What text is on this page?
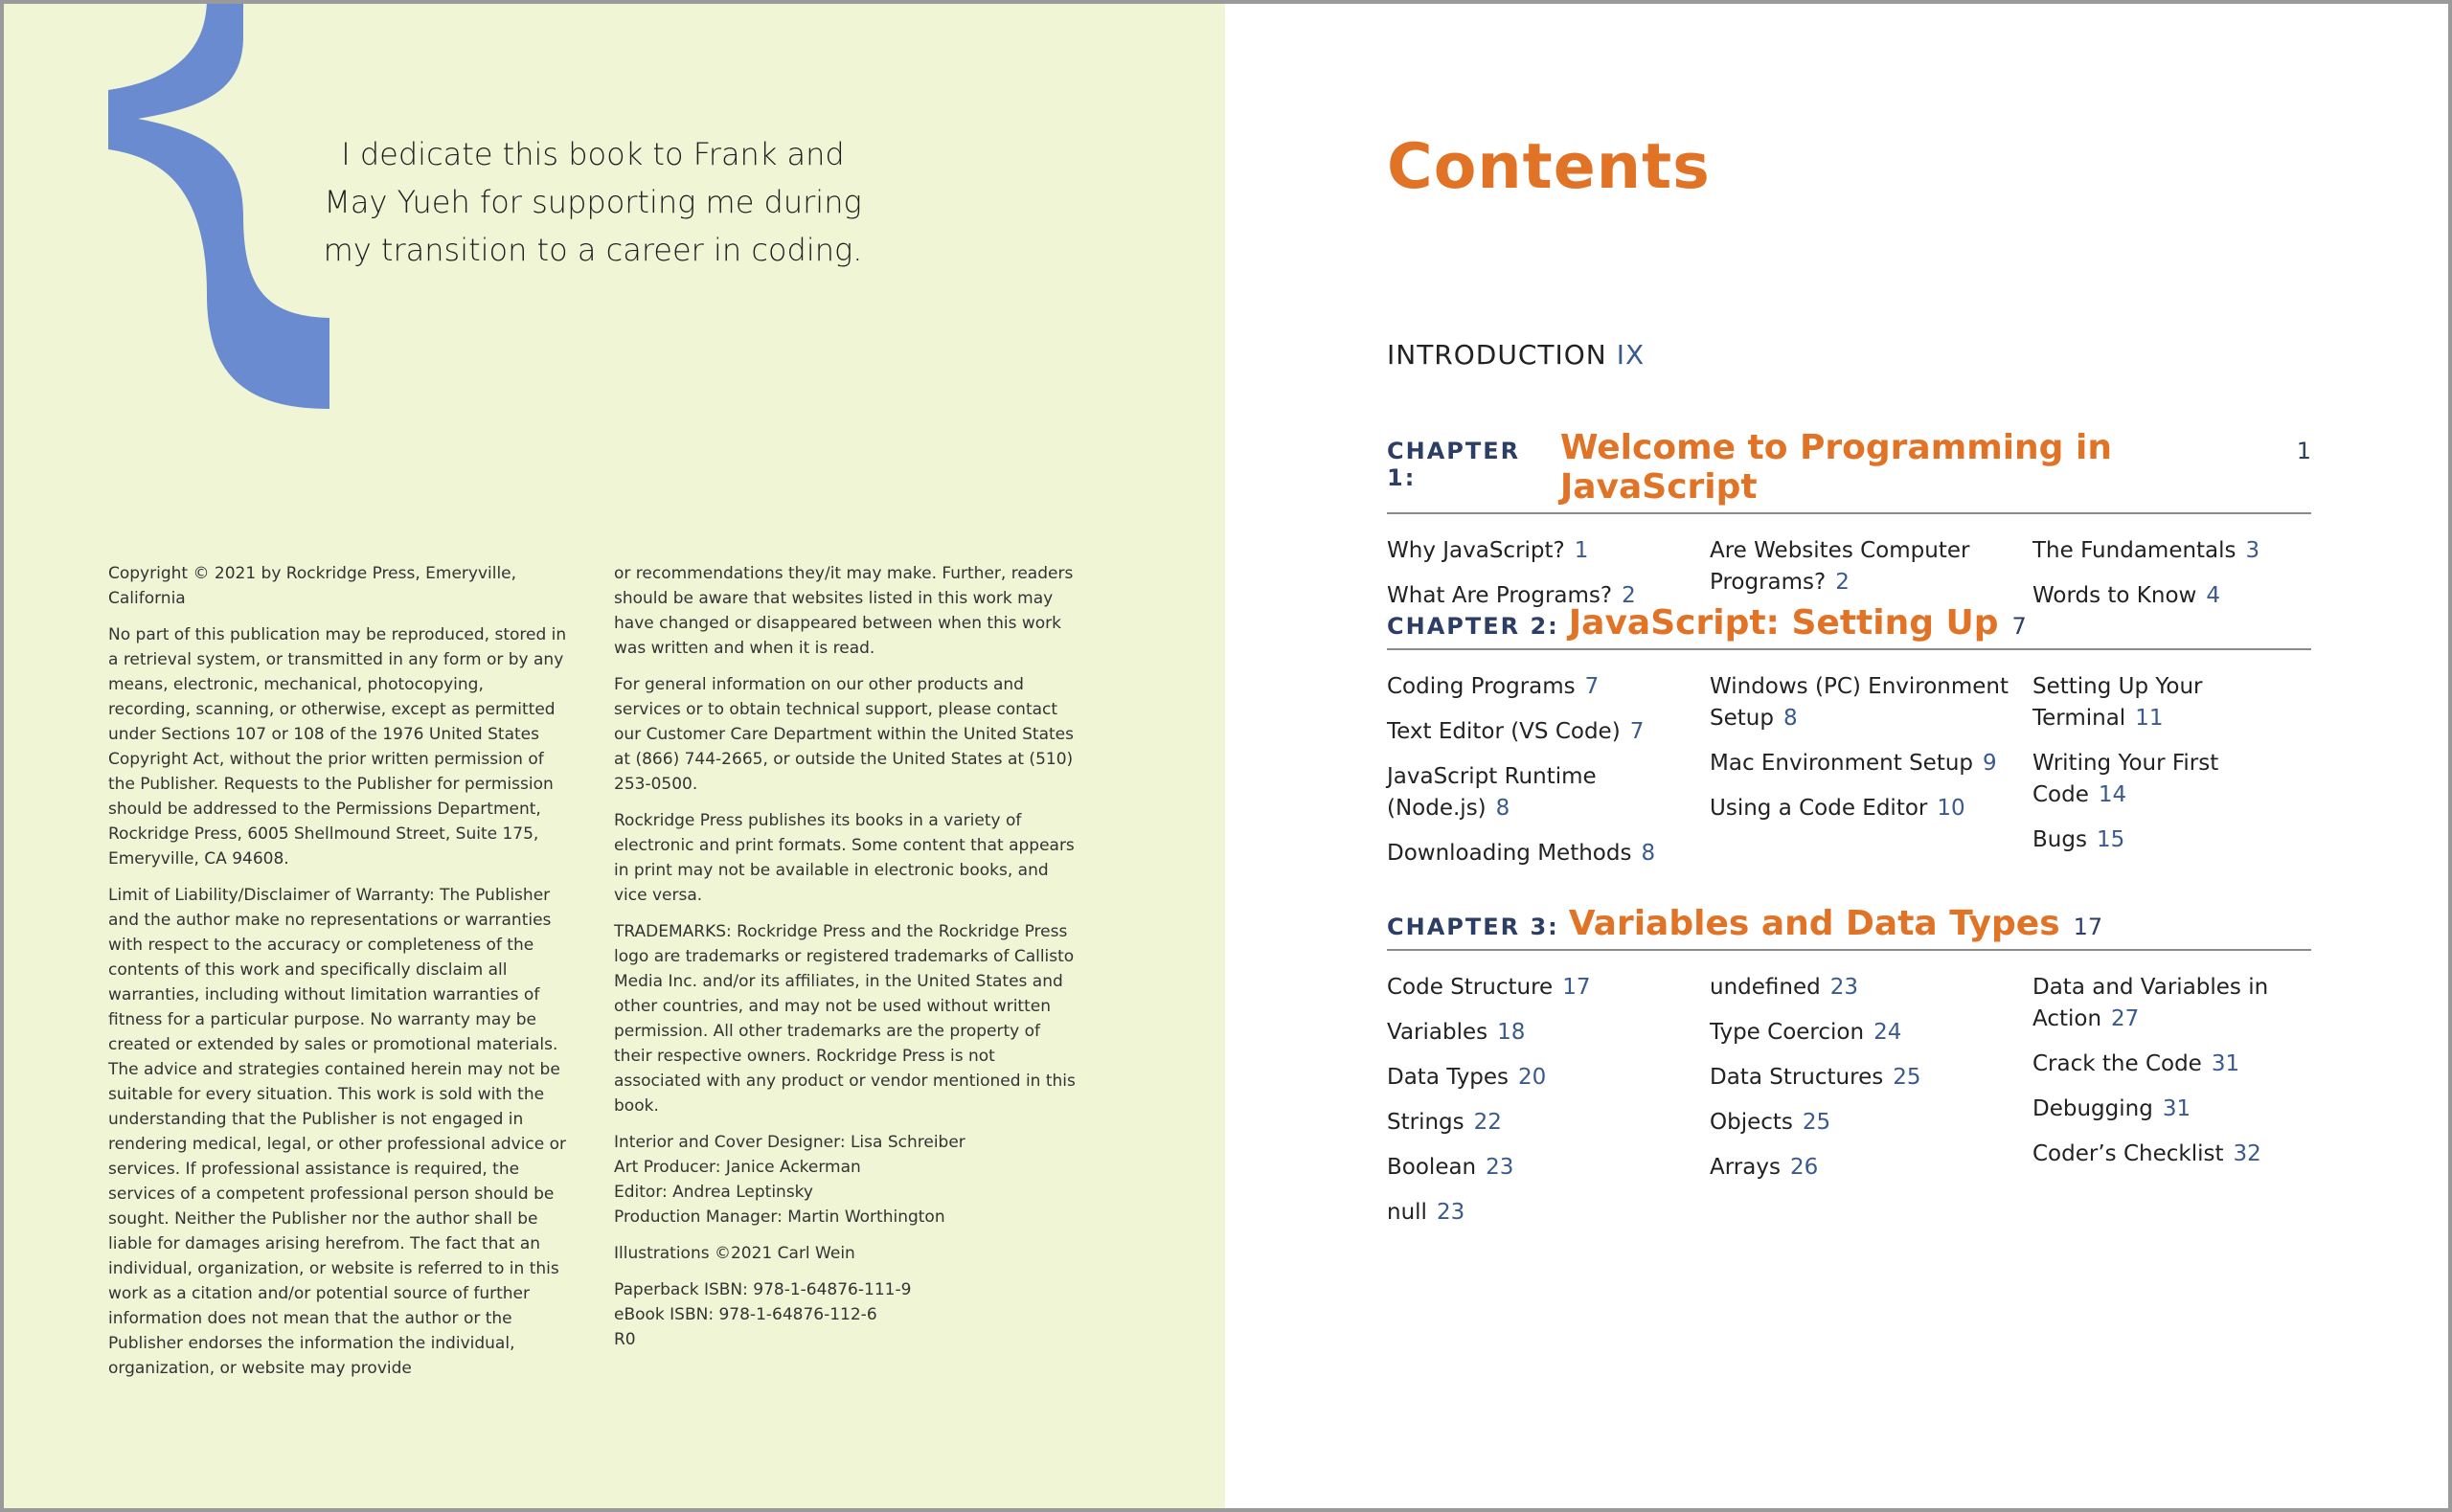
I dedicate this book to Frank and
May Yueh for supporting me during
my transition to a career in coding.

Copyright © 2021 by Rockridge Press, Emeryville, California

No part of this publication may be reproduced, stored in a retrieval system, or transmitted in any form or by any means, electronic, mechanical, photocopying, recording, scanning, or otherwise, except as permitted under Sections 107 or 108 of the 1976 United States Copyright Act, without the prior written permission of the Publisher. Requests to the Publisher for permission should be addressed to the Permissions Department, Rockridge Press, 6005 Shellmound Street, Suite 175, Emeryville, CA 94608.

Limit of Liability/Disclaimer of Warranty: The Publisher and the author make no representations or warranties with respect to the accuracy or completeness of the contents of this work and specifically disclaim all warranties, including without limitation warranties of fitness for a particular purpose. No warranty may be created or extended by sales or promotional materials. The advice and strategies contained herein may not be suitable for every situation. This work is sold with the understanding that the Publisher is not engaged in rendering medical, legal, or other professional advice or services. If professional assistance is required, the services of a competent professional person should be sought. Neither the Publisher nor the author shall be liable for damages arising herefrom. The fact that an individual, organization, or website is referred to in this work as a citation and/or potential source of further information does not mean that the author or the Publisher endorses the information the individual, organization, or website may provide

or recommendations they/it may make. Further, readers should be aware that websites listed in this work may have changed or disappeared between when this work was written and when it is read.

For general information on our other products and services or to obtain technical support, please contact our Customer Care Department within the United States at (866) 744-2665, or outside the United States at (510) 253-0500.

Rockridge Press publishes its books in a variety of electronic and print formats. Some content that appears in print may not be available in electronic books, and vice versa.

TRADEMARKS: Rockridge Press and the Rockridge Press logo are trademarks or registered trademarks of Callisto Media Inc. and/or its affiliates, in the United States and other countries, and may not be used without written permission. All other trademarks are the property of their respective owners. Rockridge Press is not associated with any product or vendor mentioned in this book.

Interior and Cover Designer: Lisa Schreiber
Art Producer: Janice Ackerman
Editor: Andrea Leptinsky
Production Manager: Martin Worthington

Illustrations ©2021 Carl Wein

Paperback ISBN: 978-1-64876-111-9
eBook ISBN: 978-1-64876-112-6
R0

Contents
INTRODUCTION IX
CHAPTER 1:
Welcome to Programming in JavaScript
1
Why JavaScript? 1
What Are Programs? 2
Are Websites Computer Programs? 2
The Fundamentals 3
Words to Know 4
CHAPTER 2: JavaScript: Setting Up 7
Coding Programs 7
Text Editor (VS Code) 7
JavaScript Runtime (Node.js) 8
Downloading Methods 8
Windows (PC) Environment Setup 8
Mac Environment Setup 9
Using a Code Editor 10
Setting Up Your Terminal 11
Writing Your First Code 14
Bugs 15
CHAPTER 3: Variables and Data Types 17
Code Structure 17
Variables 18
Data Types 20
Strings 22
Boolean 23
null 23
undefined 23
Type Coercion 24
Data Structures 25
Objects 25
Arrays 26
Data and Variables in Action 27
Crack the Code 31
Debugging 31
Coder’s Checklist 32
